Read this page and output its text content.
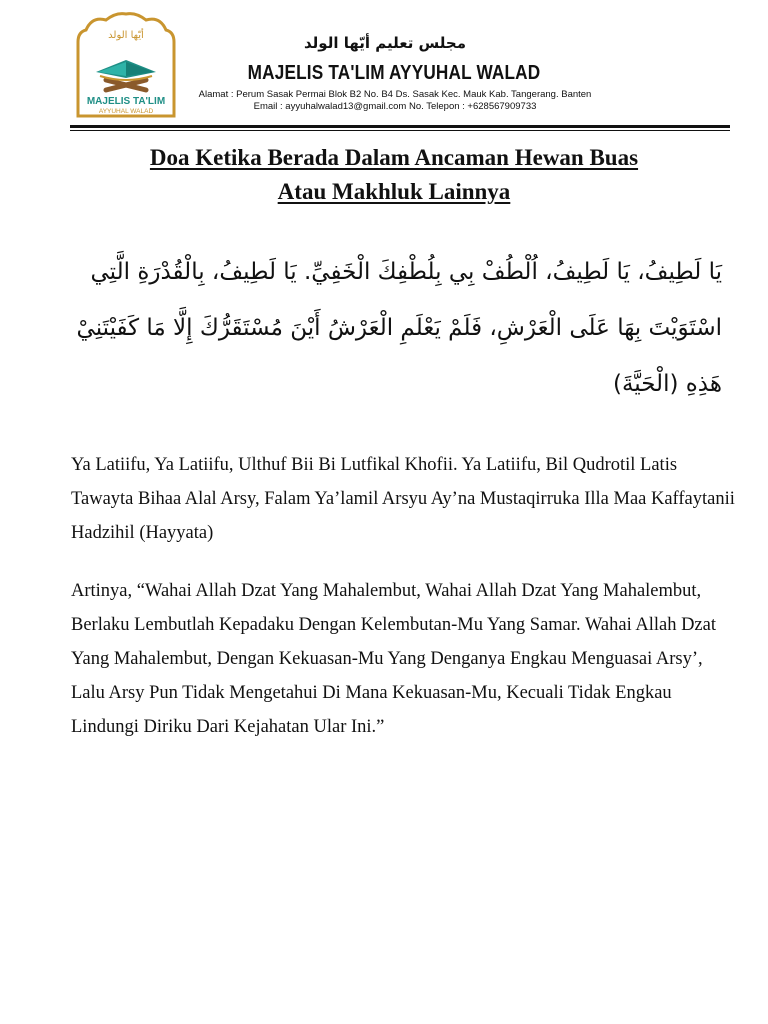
أيّها الولد
MAJELIS TA'LIM
AYYUHAL WALAD
مجلس تعليم أيّها الولد
MAJELIS TA'LIM AYYUHAL WALAD
Alamat : Perum Sasak Permai Blok B2 No. B4 Ds. Sasak Kec. Mauk Kab. Tangerang. Banten
Email : ayyuhalwalad13@gmail.com No. Telepon : +628567909733
Doa Ketika Berada Dalam Ancaman Hewan Buas
Atau Makhluk Lainnya
يَا لَطِيفُ، يَا لَطِيفُ، اُلْطُفْ بِي بِلُطْفِكَ الْخَفِيِّ. يَا لَطِيفُ، بِالْقُدْرَةِ الَّتِي اسْتَوَيْتَ بِهَا عَلَى الْعَرْشِ، فَلَمْ يَعْلَمِ الْعَرْشُ أَيْنَ مُسْتَقَرُّكَ إِلَّا مَا كَفَيْتَنِيْ هَذِهِ (الْحَيَّةَ)
Ya Latiifu, Ya Latiifu, Ulthuf Bii Bi Lutfikal Khofii. Ya Latiifu, Bil Qudrotil Latis Tawayta Bihaa Alal Arsy, Falam Ya’lamil Arsyu Ay’na Mustaqirruka Illa Maa Kaffaytanii Hadzihil (Hayyata)
Artinya, “Wahai Allah Dzat Yang Mahalembut, Wahai Allah Dzat Yang Mahalembut, Berlaku Lembutlah Kepadaku Dengan Kelembutan-Mu Yang Samar. Wahai Allah Dzat Yang Mahalembut, Dengan Kekuasan-Mu Yang Denganya Engkau Menguasai Arsy’, Lalu Arsy Pun Tidak Mengetahui Di Mana Kekuasan-Mu, Kecuali Tidak Engkau Lindungi Diriku Dari Kejahatan Ular Ini.”
